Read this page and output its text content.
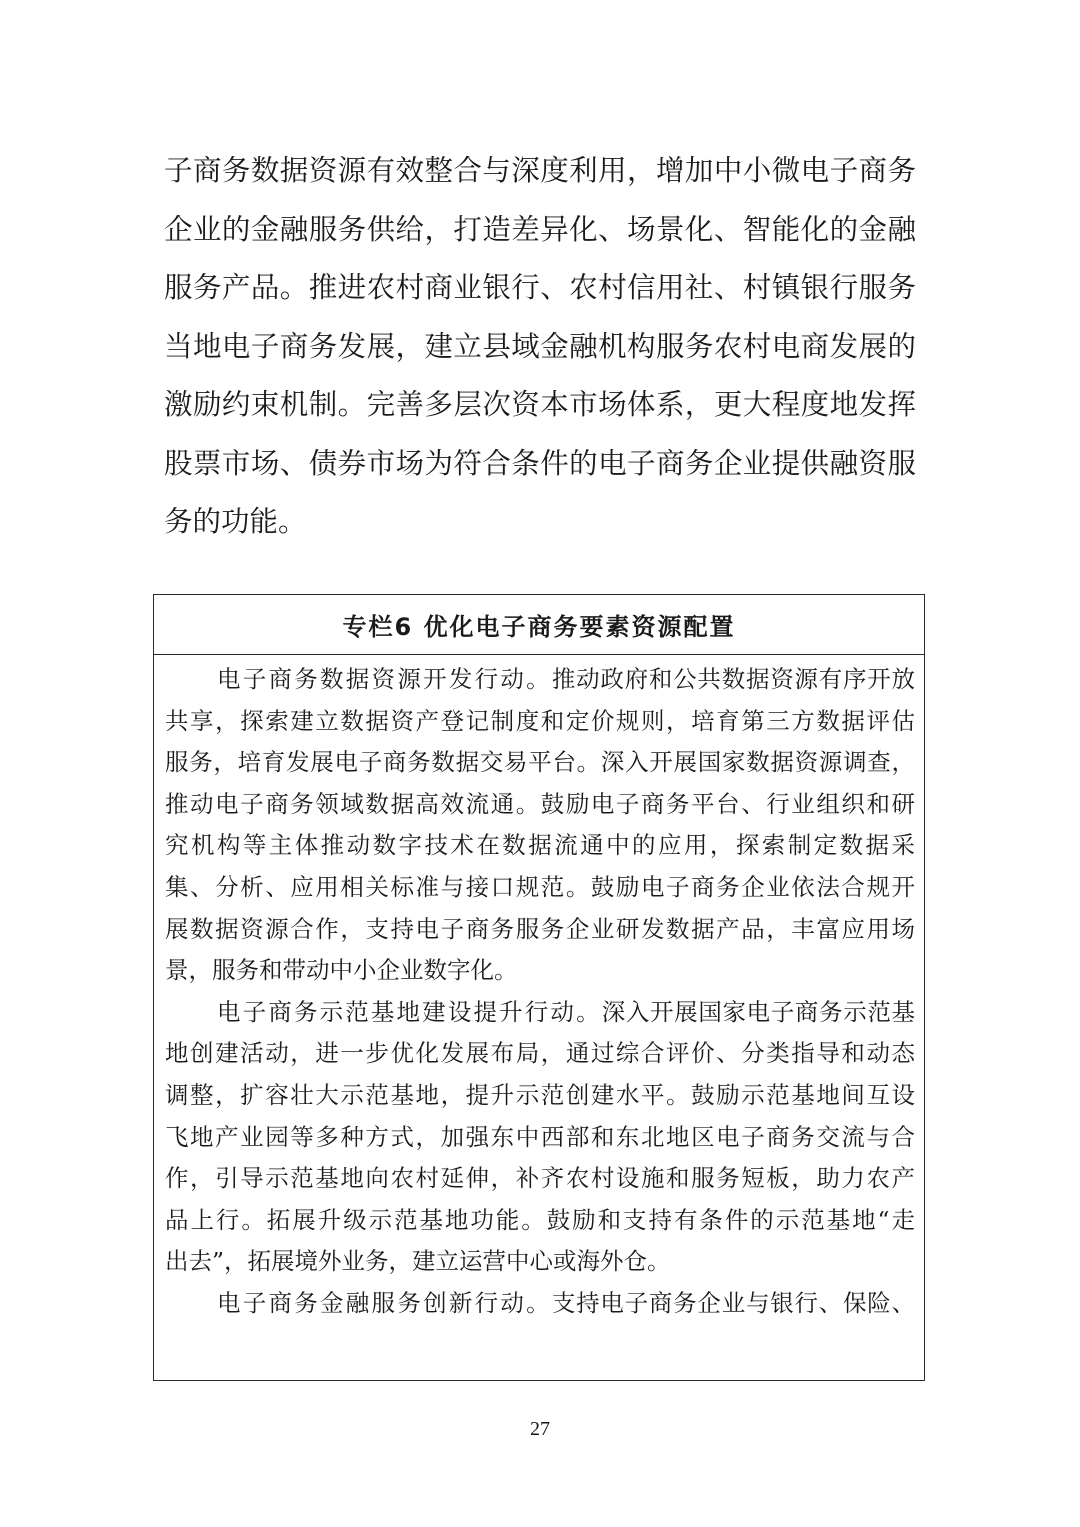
子商务数据资源有效整合与深度利用，增加中小微电子商务
企业的金融服务供给，打造差异化、场景化、智能化的金融
服务产品。推进农村商业银行、农村信用社、村镇银行服务
当地电子商务发展，建立县域金融机构服务农村电商发展的
激励约束机制。完善多层次资本市场体系，更大程度地发挥
股票市场、债券市场为符合条件的电子商务企业提供融资服
务的功能。
专栏6 优化电子商务要素资源配置
电子商务数据资源开发行动。推动政府和公共数据资源有序开放
共享，探索建立数据资产登记制度和定价规则，培育第三方数据评估
服务，培育发展电子商务数据交易平台。深入开展国家数据资源调查，
推动电子商务领域数据高效流通。鼓励电子商务平台、行业组织和研
究机构等主体推动数字技术在数据流通中的应用，探索制定数据采
集、分析、应用相关标准与接口规范。鼓励电子商务企业依法合规开
展数据资源合作，支持电子商务服务企业研发数据产品，丰富应用场
景，服务和带动中小企业数字化。
电子商务示范基地建设提升行动。深入开展国家电子商务示范基
地创建活动，进一步优化发展布局，通过综合评价、分类指导和动态
调整，扩容壮大示范基地，提升示范创建水平。鼓励示范基地间互设
飞地产业园等多种方式，加强东中西部和东北地区电子商务交流与合
作，引导示范基地向农村延伸，补齐农村设施和服务短板，助力农产
品上行。拓展升级示范基地功能。鼓励和支持有条件的示范基地“走
出去”，拓展境外业务，建立运营中心或海外仓。
电子商务金融服务创新行动。支持电子商务企业与银行、保险、
27
